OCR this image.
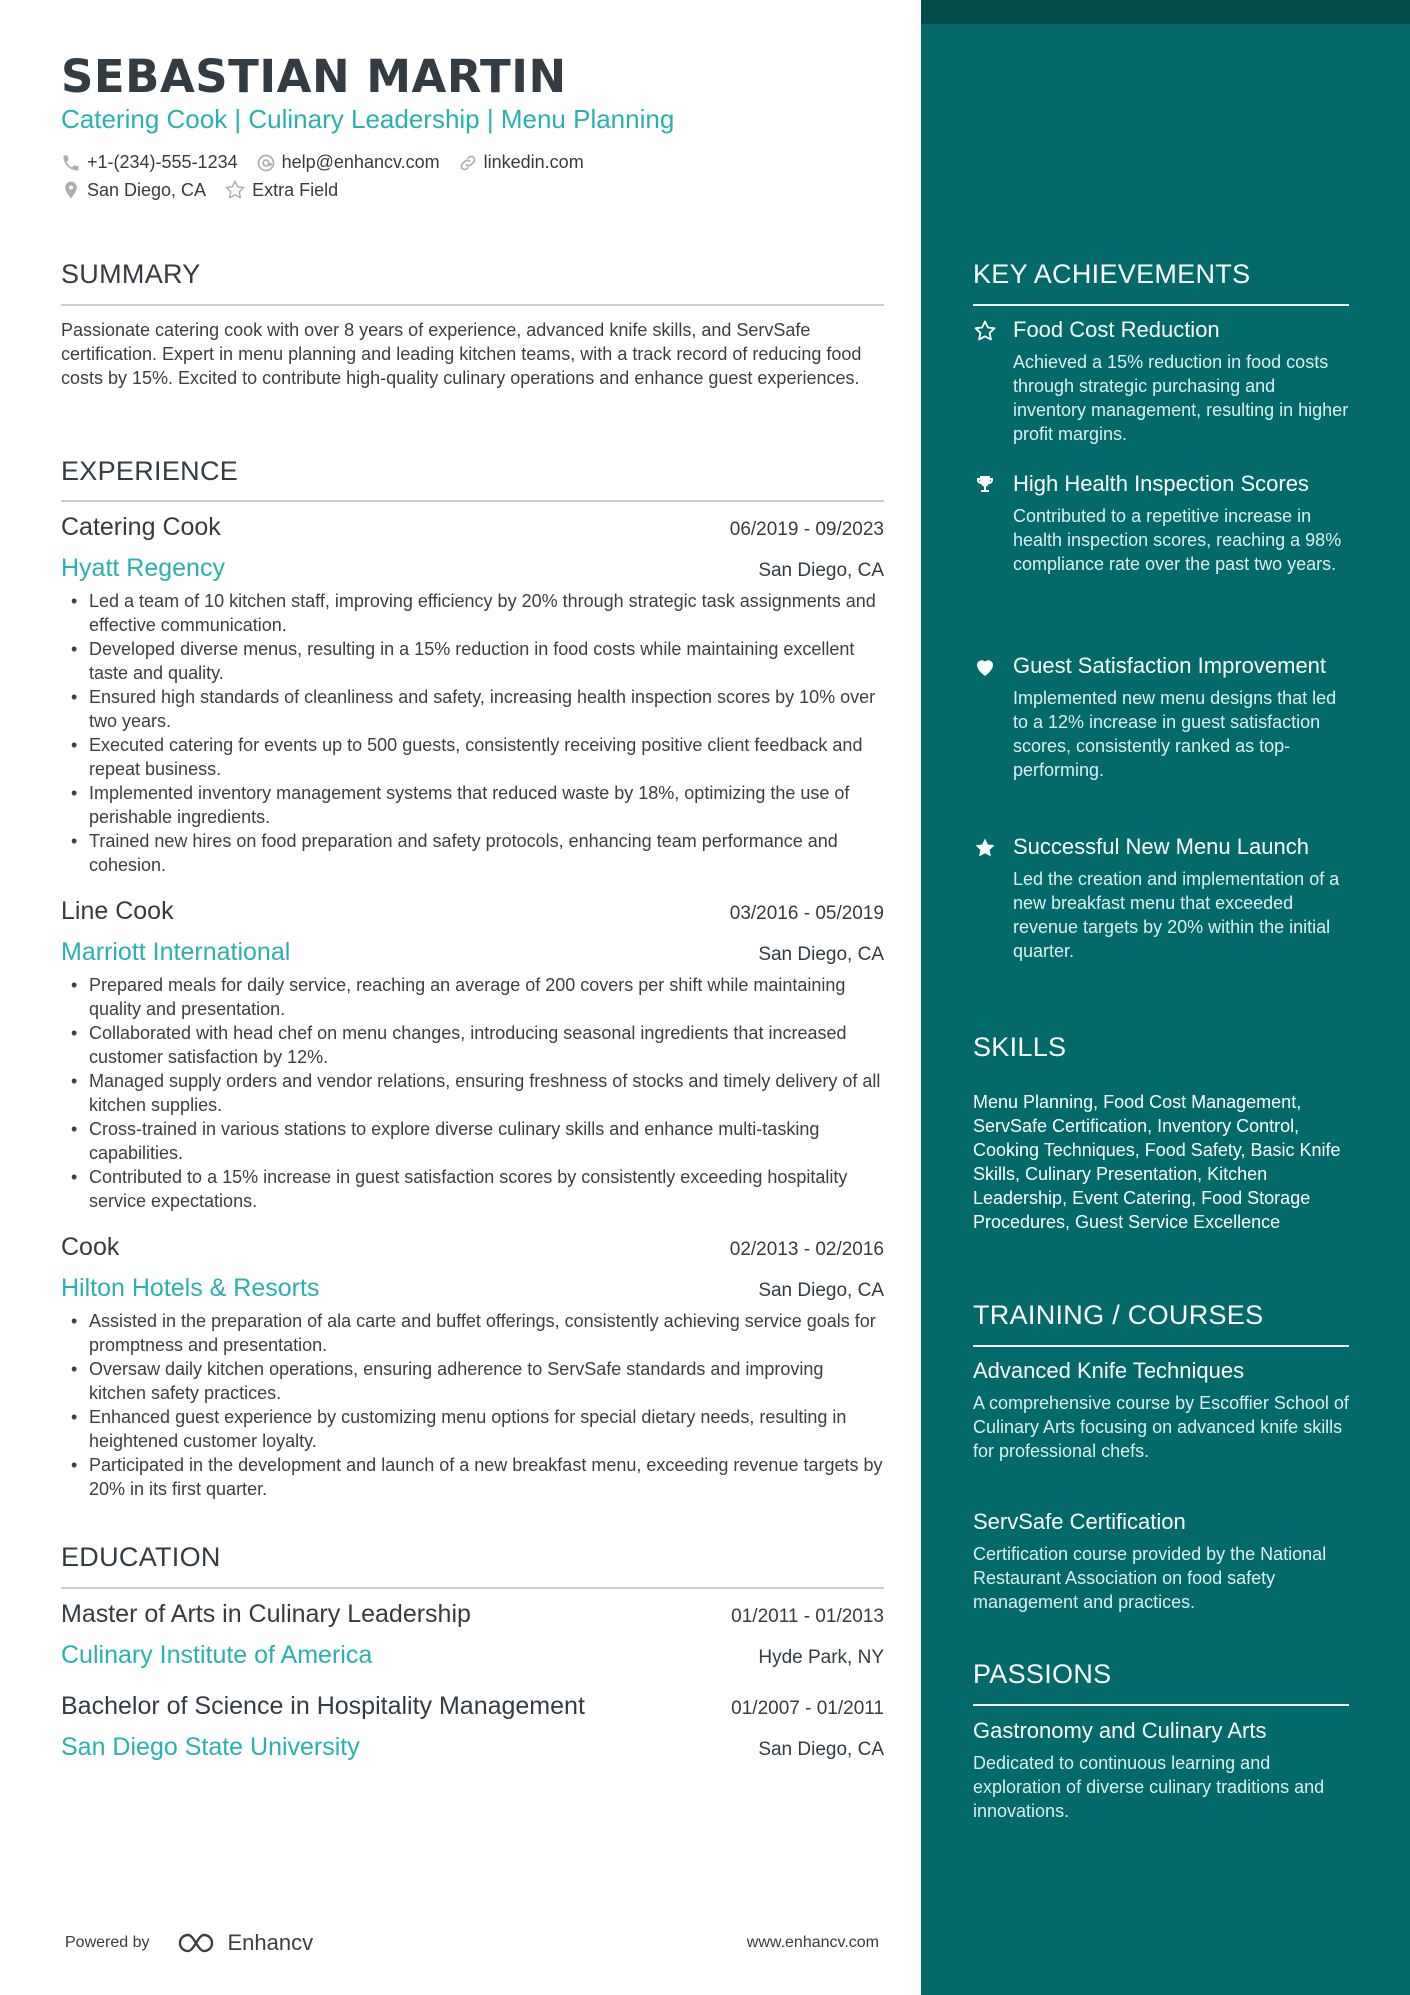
SEBASTIAN MARTIN
Catering Cook | Culinary Leadership | Menu Planning
+1-(234)-555-1234 help@enhancv.com linkedin.com
San Diego, CA	Extra Field
SUMMARY
Passionate catering cook with over 8 years of experience, advanced knife skills, and ServSafe certification. Expert in menu planning and leading kitchen teams, with a track record of reducing food costs by 15%. Excited to contribute high-quality culinary operations and enhance guest experiences.
EXPERIENCE
Catering Cook	06/2019 - 09/2023
Hyatt Regency	San Diego, CA
• Led a team of 10 kitchen staff, improving efficiency by 20% through strategic task assignments and effective communication.
• Developed diverse menus, resulting in a 15% reduction in food costs while maintaining excellent taste and quality.
• Ensured high standards of cleanliness and safety, increasing health inspection scores by 10% over two years.
• Executed catering for events up to 500 guests, consistently receiving positive client feedback and repeat business.
• Implemented inventory management systems that reduced waste by 18%, optimizing the use of perishable ingredients.
• Trained new hires on food preparation and safety protocols, enhancing team performance and cohesion.
Line Cook	03/2016 - 05/2019
Marriott International	San Diego, CA
• Prepared meals for daily service, reaching an average of 200 covers per shift while maintaining quality and presentation.
• Collaborated with head chef on menu changes, introducing seasonal ingredients that increased customer satisfaction by 12%.
• Managed supply orders and vendor relations, ensuring freshness of stocks and timely delivery of all kitchen supplies.
• Cross-trained in various stations to explore diverse culinary skills and enhance multi-tasking capabilities.
• Contributed to a 15% increase in guest satisfaction scores by consistently exceeding hospitality service expectations.
Cook	02/2013 - 02/2016
Hilton Hotels & Resorts	San Diego, CA
• Assisted in the preparation of ala carte and buffet offerings, consistently achieving service goals for promptness and presentation.
• Oversaw daily kitchen operations, ensuring adherence to ServSafe standards and improving kitchen safety practices.
• Enhanced guest experience by customizing menu options for special dietary needs, resulting in heightened customer loyalty.
• Participated in the development and launch of a new breakfast menu, exceeding revenue targets by 20% in its first quarter.
EDUCATION
Master of Arts in Culinary Leadership	01/2011 - 01/2013
Culinary Institute of America	Hyde Park, NY
Bachelor of Science in Hospitality Management	01/2007 - 01/2011
San Diego State University	San Diego, CA
Powered by	Enhancv	www.enhancv.com
KEY ACHIEVEMENTS
Food Cost Reduction
Achieved a 15% reduction in food costs through strategic purchasing and inventory management, resulting in higher profit margins.
High Health Inspection Scores
Contributed to a repetitive increase in health inspection scores, reaching a 98% compliance rate over the past two years.
Guest Satisfaction Improvement
Implemented new menu designs that led to a 12% increase in guest satisfaction scores, consistently ranked as top-performing.
Successful New Menu Launch
Led the creation and implementation of a new breakfast menu that exceeded revenue targets by 20% within the initial quarter.
SKILLS
Menu Planning, Food Cost Management, ServSafe Certification, Inventory Control, Cooking Techniques, Food Safety, Basic Knife Skills, Culinary Presentation, Kitchen Leadership, Event Catering, Food Storage Procedures, Guest Service Excellence
TRAINING / COURSES
Advanced Knife Techniques
A comprehensive course by Escoffier School of Culinary Arts focusing on advanced knife skills for professional chefs.
ServSafe Certification
Certification course provided by the National Restaurant Association on food safety management and practices.
PASSIONS
Gastronomy and Culinary Arts
Dedicated to continuous learning and exploration of diverse culinary traditions and innovations.
